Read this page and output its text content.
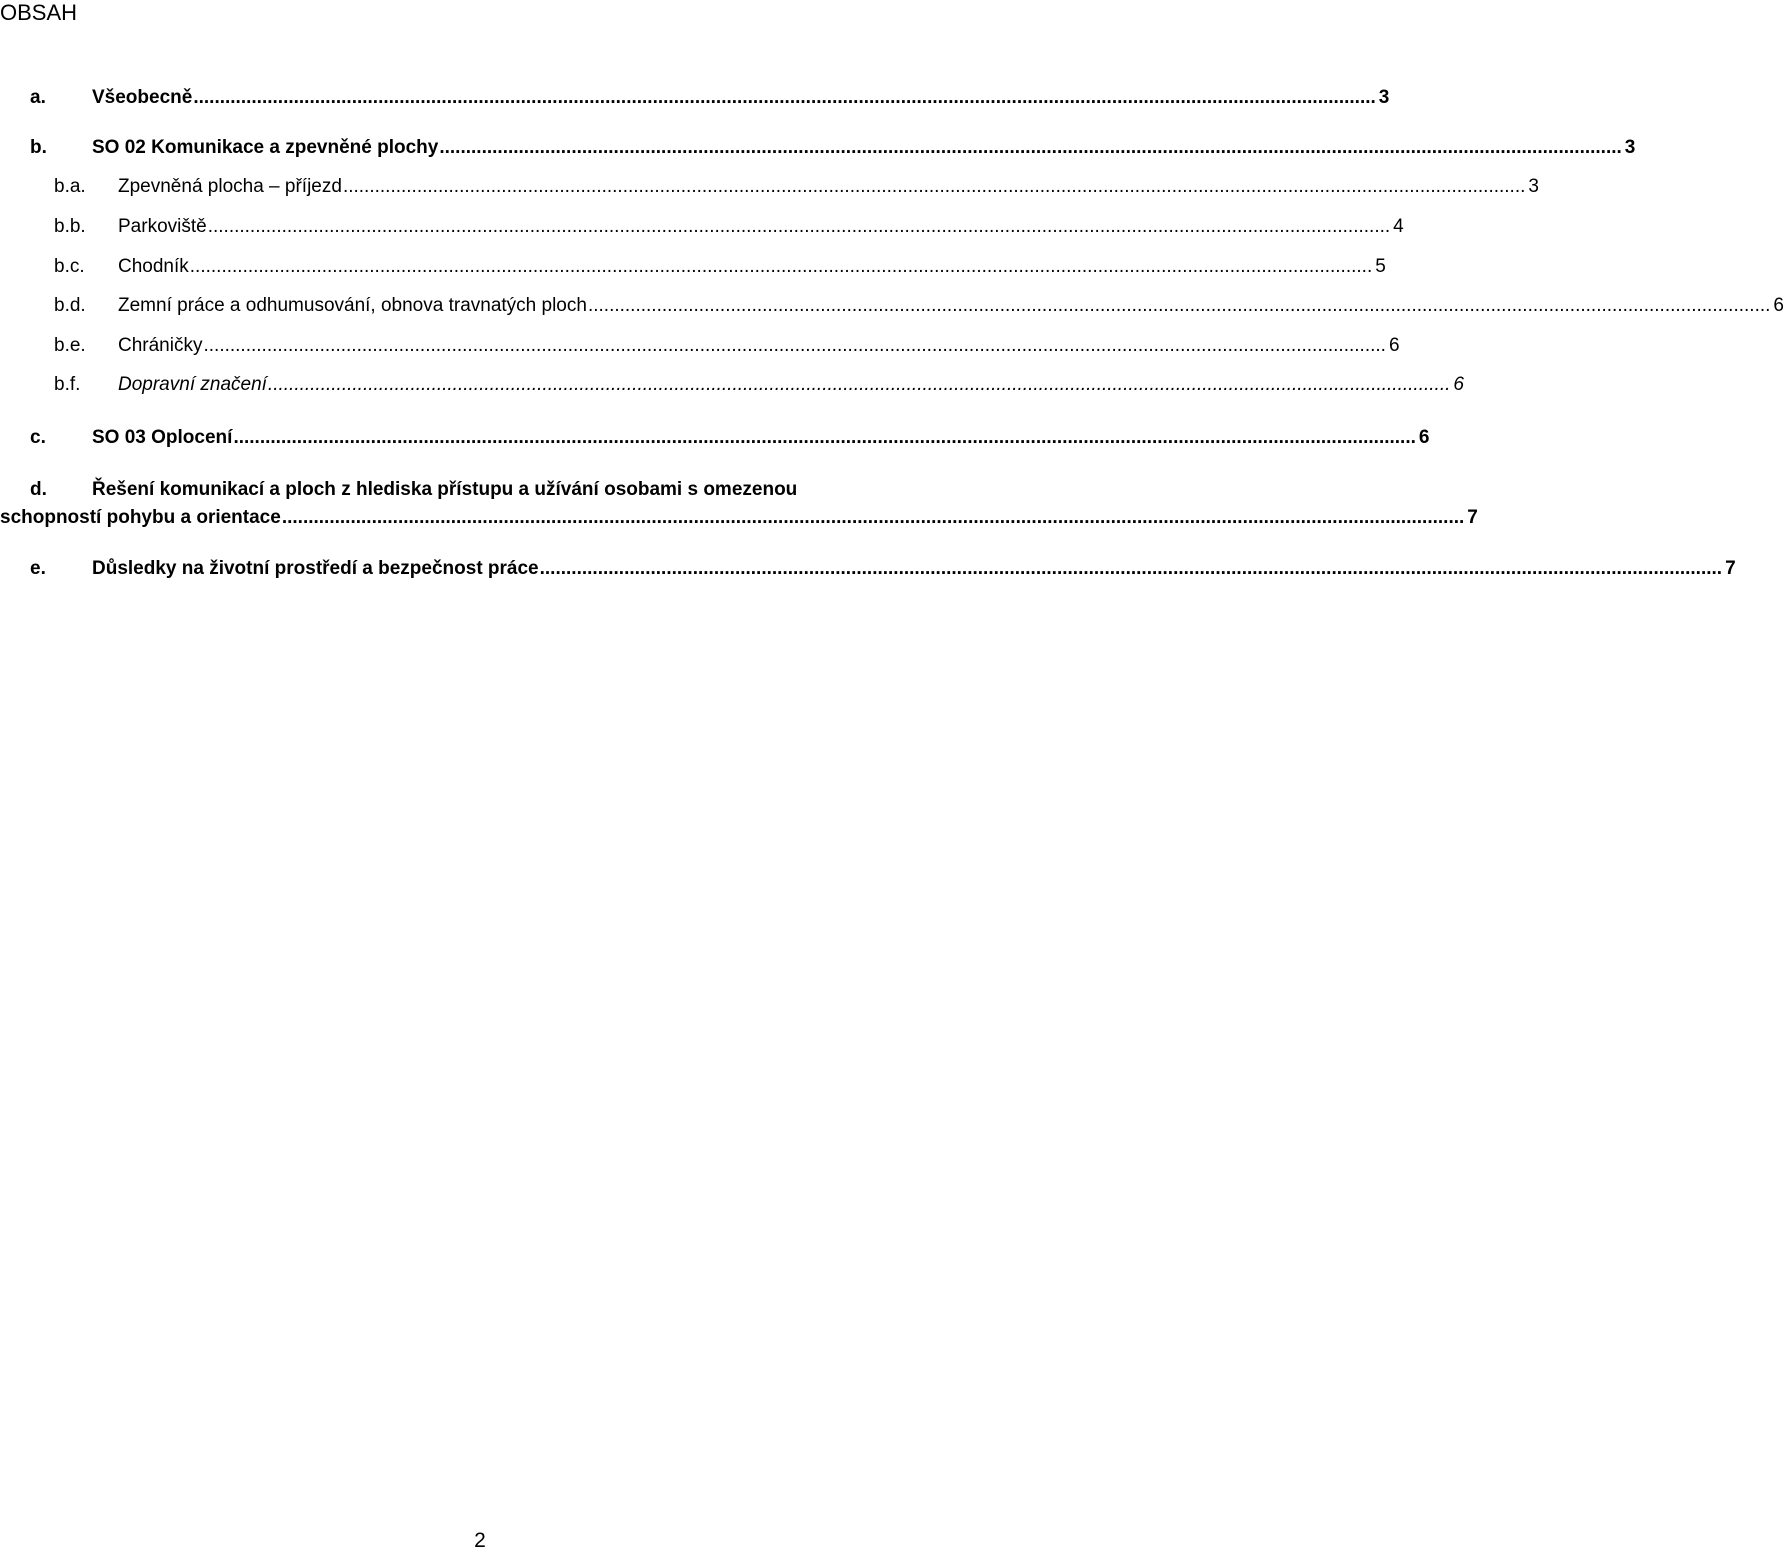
OBSAH
a.	Všeobecně .....	3
b.	SO 02 Komunikace a zpevněné plochy .....	3
b.a.	Zpevněná plocha – příjezd .....	3
b.b.	Parkoviště .....	4
b.c.	Chodník .....	5
b.d.	Zemní práce a odhumusování, obnova travnatých ploch .....	6
b.e.	Chráničky .....	6
b.f.	Dopravní značení .....	6
c.	SO 03 Oplocení .....	6
d. Řešení komunikací a ploch z hlediska přístupu a užívání osobami s omezenou
schopností pohybu a orientace .....	7
e.	Důsledky na životní prostředí a bezpečnost práce .....	7
2
